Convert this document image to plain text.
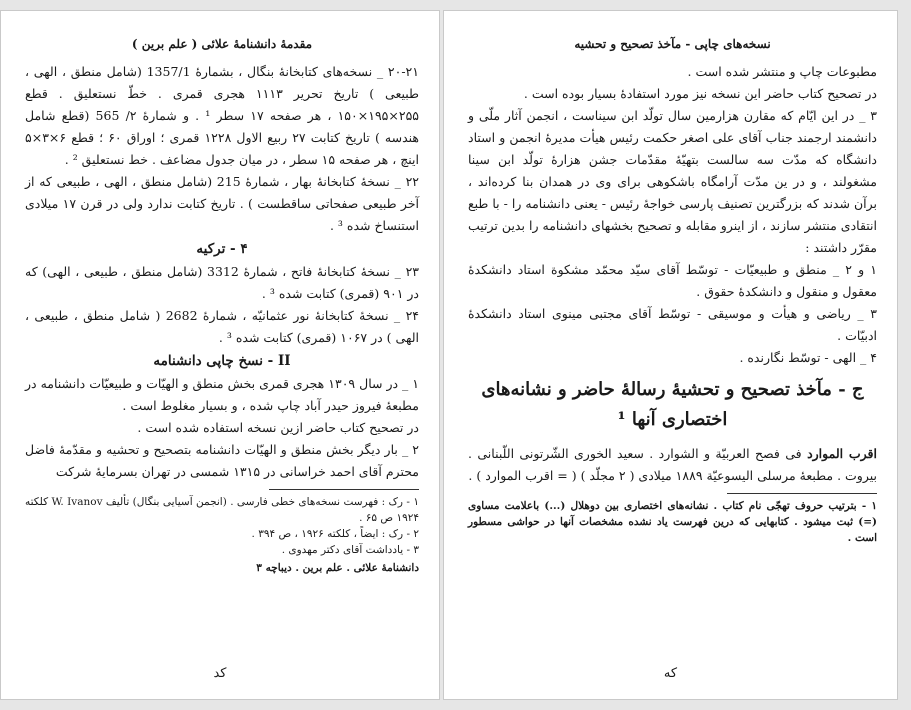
مقدمهٔ دانشنامهٔ علائی ( علم برین )

۲۰-۲۱ _ نسخه‌های کتابخانهٔ بنگال ، بشمارهٔ 1357/1 (شامل منطق ، الهی ، طبیعی ) تاریخ تحریر ۱۱۱۳ هجری قمری . خطّ نستعلیق . قطع ۲۵۵×۱۹۵×۱۵۰ ، هر صفحه ۱۷ سطر ¹ . و شمارهٔ ۲/ 565 (قطع شامل هندسه ) تاریخ کتابت ۲۷ ربیع الاول ۱۲۲۸ قمری ؛ اوراق ۶۰ ؛ قطع ۶×۳×۵ اینچ ، هر صفحه ۱۵ سطر ، در میان جدول مضاعف . خط نستعلیق ² .

۲۲ _ نسخهٔ کتابخانهٔ بهار ، شمارهٔ 215 (شامل منطق ، الهی ، طبیعی که از آخر طبیعی صفحاتی ساقطست ) . تاریخ کتابت ندارد ولی در قرن ۱۷ میلادی استنساخ شده ³ .

۴ - ترکیه

۲۳ _ نسخهٔ کتابخانهٔ فاتح ، شمارهٔ 3312 (شامل منطق ، طبیعی ، الهی) که در ۹۰۱ (قمری) کتابت شده ³ .

۲۴ _ نسخهٔ کتابخانهٔ نور عثمانیّه ، شمارهٔ 2682 ( شامل منطق ، طبیعی ، الهی ) در ۱۰۶۷ (قمری) کتابت شده ³ .

II - نسخ چاپی دانشنامه

۱ _ در سال ۱۳۰۹ هجری قمری بخش منطق و الهیّات و طبیعیّات دانشنامه در مطبعهٔ فیروز حیدر آباد چاپ شده ، و بسیار مغلوط است .

در تصحیح کتاب حاضر ازین نسخه استفاده شده است .

۲ _ بار دیگر بخش منطق و الهیّات دانشنامه بتصحیح و تحشیه و مقدّمهٔ فاضل محترم آقای احمد خراسانی در ۱۳۱۵ شمسی در تهران بسرمایهٔ شرکت

۱ - رک : فهرست نسخه‌های خطی فارسی . (انجمن آسیایی بنگال) تألیف W. Ivanov کلکته ۱۹۲۴ ص ۶۵ .

۲ - رک : ایضاً ، کلکته ۱۹۲۶ ، ص ۳۹۴ .

۳ - یادداشت آقای دکتر مهدوی .

دانشنامهٔ علائی . علم برین . دیباچه ۳
کد
نسخه‌های چاپی - مآخذ تصحیح و تحشیه

مطبوعات چاپ و منتشر شده است .

در تصحیح کتاب حاضر این نسخه نیز مورد استفادهٔ بسیار بوده است .

۳ _ در این ایّام که مقارن هزارمین سال تولّد ابن سیناست ، انجمن آثار ملّی و دانشمند ارجمند جناب آقای علی اصغر حکمت رئیس هیأت مدیرهٔ انجمن و استاد دانشگاه که مدّت سه سالست بتهیّهٔ مقدّمات جشن هزارهٔ تولّد ابن سینا مشغولند ، و در ین مدّت آرامگاه باشکوهی برای وی در همدان بنا کرده‌اند ، برآن شدند که بزرگترین تصنیف پارسی خواجهٔ رئیس - یعنی دانشنامه را - با طبع انتقادی منتشر سازند ، از اینرو مقابله و تصحیح بخشهای دانشنامه را بدین ترتیب مقرّر داشتند :

۱ و ۲ _ منطق و طبیعیّات - توسّط آقای سیّد محمّد مشکوة استاد دانشکدهٔ معقول و منقول و دانشکدهٔ حقوق .

۳ _ ریاضی و هیأت و موسیقی - توسّط آقای مجتبی مینوی استاد دانشکدهٔ ادبیّات .

۴ _ الهی - توسّط نگارنده .

ج - مآخذ تصحیح و تحشیهٔ رسالهٔ حاضر و نشانه‌های اختصاری آنها ¹

اقرب الموارد فی فصح العربیّة و الشوارد . سعید الخوری الشّرتونی اللّبنانی . بیروت . مطبعهٔ مرسلی الیسوعیّة ۱۸۸۹ میلادی ( ۲ مجلّد ) ( = اقرب الموارد ) .

۱ - بترتیب حروف تهجّی نام کتاب . نشانه‌های اختصاری بین دوهلال (...) باعلامت مساوی (=) ثبت میشود . کتابهایی که درین فهرست یاد نشده مشخصات آنها در حواشی مسطور است .

که
